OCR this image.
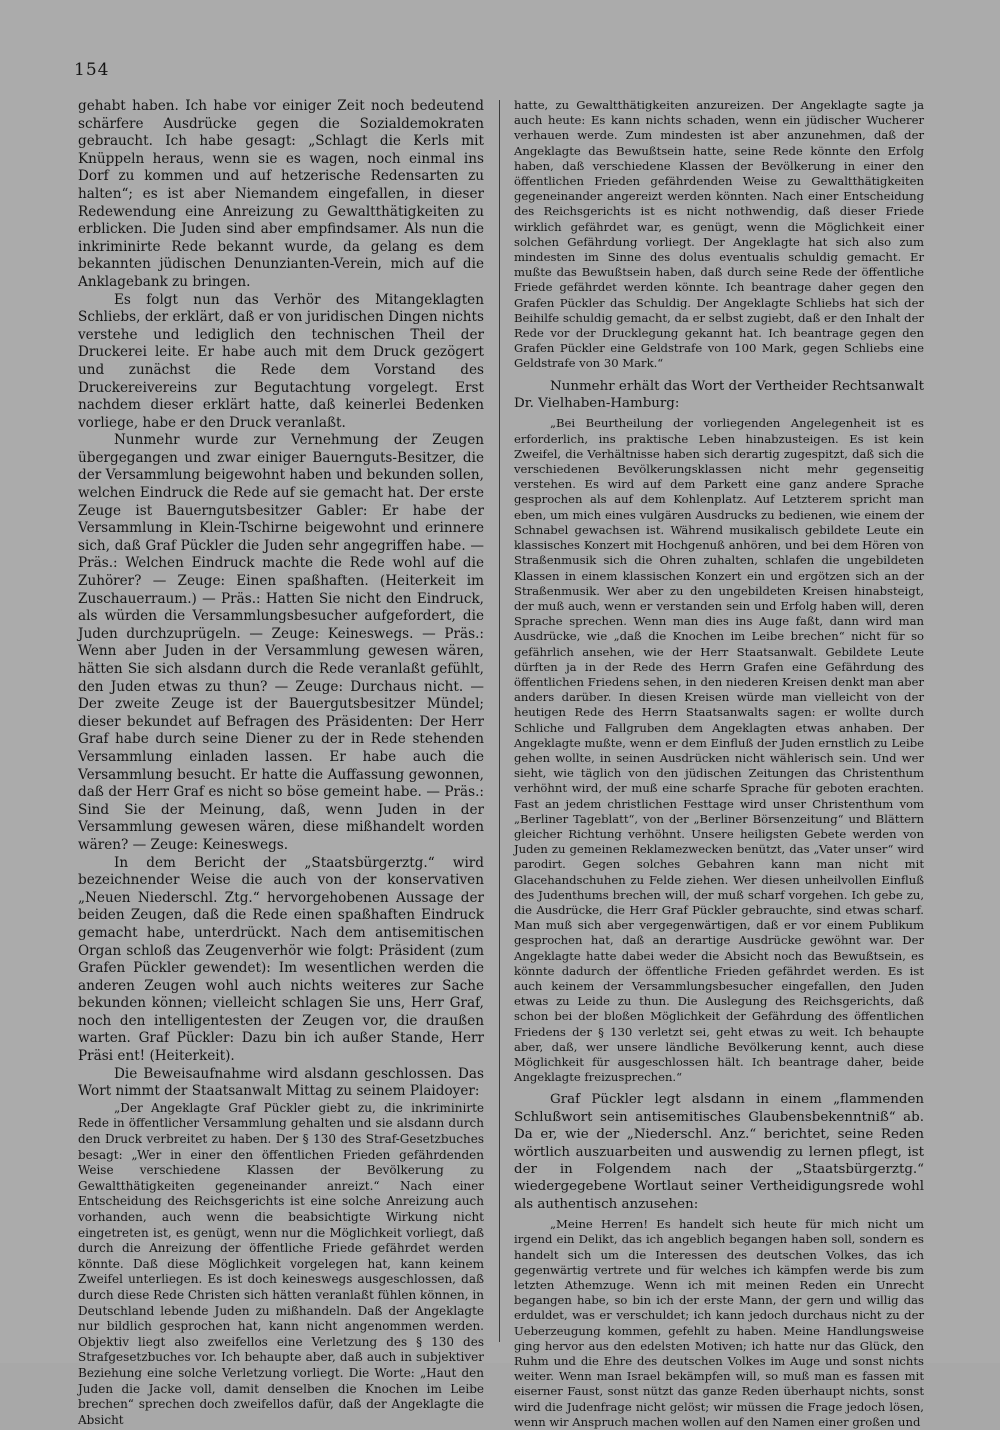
154

gehabt haben. Ich habe vor einiger Zeit noch bedeutend schärfere Ausdrücke gegen die Sozialdemokraten gebraucht. Ich habe gesagt: „Schlagt die Kerls mit Knüppeln heraus, wenn sie es wagen, noch einmal ins Dorf zu kommen und auf hetzerische Redensarten zu halten“; es ist aber Niemandem eingefallen, in dieser Redewendung eine Anreizung zu Gewaltthätigkeiten zu erblicken. Die Juden sind aber empfindsamer. Als nun die inkriminirte Rede bekannt wurde, da gelang es dem bekannten jüdischen Denunzianten-Verein, mich auf die Anklagebank zu bringen.

Es folgt nun das Verhör des Mitangeklagten Schliebs, der erklärt, daß er von juridischen Dingen nichts verstehe und lediglich den technischen Theil der Druckerei leite. Er habe auch mit dem Druck gezögert und zunächst die Rede dem Vorstand des Druckereivereins zur Begutachtung vorgelegt. Erst nachdem dieser erklärt hatte, daß keinerlei Bedenken vorliege, habe er den Druck veranlaßt.

Nunmehr wurde zur Vernehmung der Zeugen übergegangen und zwar einiger Bauernguts-Besitzer, die der Versammlung beigewohnt haben und bekunden sollen, welchen Eindruck die Rede auf sie gemacht hat. Der erste Zeuge ist Bauerngutsbesitzer Gabler: Er habe der Versammlung in Klein-Tschirne beigewohnt und erinnere sich, daß Graf Pückler die Juden sehr angegriffen habe. — Präs.: Welchen Eindruck machte die Rede wohl auf die Zuhörer? — Zeuge: Einen spaßhaften. (Heiterkeit im Zuschauerraum.) — Präs.: Hatten Sie nicht den Eindruck, als würden die Versammlungsbesucher aufgefordert, die Juden durchzuprügeln. — Zeuge: Keineswegs. — Präs.: Wenn aber Juden in der Versammlung gewesen wären, hätten Sie sich alsdann durch die Rede veranlaßt gefühlt, den Juden etwas zu thun? — Zeuge: Durchaus nicht. — Der zweite Zeuge ist der Bauergutsbesitzer Mündel; dieser bekundet auf Befragen des Präsidenten: Der Herr Graf habe durch seine Diener zu der in Rede stehenden Versammlung einladen lassen. Er habe auch die Versammlung besucht. Er hatte die Auffassung gewonnen, daß der Herr Graf es nicht so böse gemeint habe. — Präs.: Sind Sie der Meinung, daß, wenn Juden in der Versammlung gewesen wären, diese mißhandelt worden wären? — Zeuge: Keineswegs.

In dem Bericht der „Staatsbürgerztg.“ wird bezeichnender Weise die auch von der konservativen „Neuen Niederschl. Ztg.“ hervorgehobenen Aussage der beiden Zeugen, daß die Rede einen spaßhaften Eindruck gemacht habe, unterdrückt. Nach dem antisemitischen Organ schloß das Zeugenverhör wie folgt: Präsident (zum Grafen Pückler gewendet): Im wesentlichen werden die anderen Zeugen wohl auch nichts weiteres zur Sache bekunden können; vielleicht schlagen Sie uns, Herr Graf, noch den intelligentesten der Zeugen vor, die draußen warten. Graf Pückler: Dazu bin ich außer Stande, Herr Präsi ent! (Heiterkeit).

Die Beweisaufnahme wird alsdann geschlossen. Das Wort nimmt der Staatsanwalt Mittag zu seinem Plaidoyer:

„Der Angeklagte Graf Pückler giebt zu, die inkriminirte Rede in öffentlicher Versammlung gehalten und sie alsdann durch den Druck verbreitet zu haben. Der § 130 des Straf-Gesetzbuches besagt: „Wer in einer den öffentlichen Frieden gefährdenden Weise verschiedene Klassen der Bevölkerung zu Gewaltthätigkeiten gegeneinander anreizt.“ Nach einer Entscheidung des Reichsgerichts ist eine solche Anreizung auch vorhanden, auch wenn die beabsichtigte Wirkung nicht eingetreten ist, es genügt, wenn nur die Möglichkeit vorliegt, daß durch die Anreizung der öffentliche Friede gefährdet werden könnte. Daß diese Möglichkeit vorgelegen hat, kann keinem Zweifel unterliegen. Es ist doch keineswegs ausgeschlossen, daß durch diese Rede Christen sich hätten veranlaßt fühlen können, in Deutschland lebende Juden zu mißhandeln. Daß der Angeklagte nur bildlich gesprochen hat, kann nicht angenommen werden. Objektiv liegt also zweifellos eine Verletzung des § 130 des Strafgesetzbuches vor. Ich behaupte aber, daß auch in subjektiver Beziehung eine solche Verletzung vorliegt. Die Worte: „Haut den Juden die Jacke voll, damit denselben die Knochen im Leibe brechen“ sprechen doch zweifellos dafür, daß der Angeklagte die Absicht

hatte, zu Gewaltthätigkeiten anzureizen. Der Angeklagte sagte ja auch heute: Es kann nichts schaden, wenn ein jüdischer Wucherer verhauen werde. Zum mindesten ist aber anzunehmen, daß der Angeklagte das Bewußtsein hatte, seine Rede könnte den Erfolg haben, daß verschiedene Klassen der Bevölkerung in einer den öffentlichen Frieden gefährdenden Weise zu Gewaltthätigkeiten gegeneinander angereizt werden könnten. Nach einer Entscheidung des Reichsgerichts ist es nicht nothwendig, daß dieser Friede wirklich gefährdet war, es genügt, wenn die Möglichkeit einer solchen Gefährdung vorliegt. Der Angeklagte hat sich also zum mindesten im Sinne des dolus eventualis schuldig gemacht. Er mußte das Bewußtsein haben, daß durch seine Rede der öffentliche Friede gefährdet werden könnte. Ich beantrage daher gegen den Grafen Pückler das Schuldig. Der Angeklagte Schliebs hat sich der Beihilfe schuldig gemacht, da er selbst zugiebt, daß er den Inhalt der Rede vor der Drucklegung gekannt hat. Ich beantrage gegen den Grafen Pückler eine Geldstrafe von 100 Mark, gegen Schliebs eine Geldstrafe von 30 Mark.“

Nunmehr erhält das Wort der Vertheider Rechtsanwalt Dr. Vielhaben-Hamburg:

„Bei Beurtheilung der vorliegenden Angelegenheit ist es erforderlich, ins praktische Leben hinabzusteigen. Es ist kein Zweifel, die Verhältnisse haben sich derartig zugespitzt, daß sich die verschiedenen Bevölkerungsklassen nicht mehr gegenseitig verstehen. Es wird auf dem Parkett eine ganz andere Sprache gesprochen als auf dem Kohlenplatz. Auf Letzterem spricht man eben, um mich eines vulgären Ausdrucks zu bedienen, wie einem der Schnabel gewachsen ist. Während musikalisch gebildete Leute ein klassisches Konzert mit Hochgenuß anhören, und bei dem Hören von Straßenmusik sich die Ohren zuhalten, schlafen die ungebildeten Klassen in einem klassischen Konzert ein und ergötzen sich an der Straßenmusik. Wer aber zu den ungebildeten Kreisen hinabsteigt, der muß auch, wenn er verstanden sein und Erfolg haben will, deren Sprache sprechen. Wenn man dies ins Auge faßt, dann wird man Ausdrücke, wie „daß die Knochen im Leibe brechen“ nicht für so gefährlich ansehen, wie der Herr Staatsanwalt. Gebildete Leute dürften ja in der Rede des Herrn Grafen eine Gefährdung des öffentlichen Friedens sehen, in den niederen Kreisen denkt man aber anders darüber. In diesen Kreisen würde man vielleicht von der heutigen Rede des Herrn Staatsanwalts sagen: er wollte durch Schliche und Fallgruben dem Angeklagten etwas anhaben. Der Angeklagte mußte, wenn er dem Einfluß der Juden ernstlich zu Leibe gehen wollte, in seinen Ausdrücken nicht wählerisch sein. Und wer sieht, wie täglich von den jüdischen Zeitungen das Christenthum verhöhnt wird, der muß eine scharfe Sprache für geboten erachten. Fast an jedem christlichen Festtage wird unser Christenthum vom „Berliner Tageblatt“, von der „Berliner Börsenzeitung“ und Blättern gleicher Richtung verhöhnt. Unsere heiligsten Gebete werden von Juden zu gemeinen Reklamezwecken benützt, das „Vater unser“ wird parodirt. Gegen solches Gebahren kann man nicht mit Glacehandschuhen zu Felde ziehen. Wer diesen unheilvollen Einfluß des Judenthums brechen will, der muß scharf vorgehen. Ich gebe zu, die Ausdrücke, die Herr Graf Pückler gebrauchte, sind etwas scharf. Man muß sich aber vergegenwärtigen, daß er vor einem Publikum gesprochen hat, daß an derartige Ausdrücke gewöhnt war. Der Angeklagte hatte dabei weder die Absicht noch das Bewußtsein, es könnte dadurch der öffentliche Frieden gefährdet werden. Es ist auch keinem der Versammlungsbesucher eingefallen, den Juden etwas zu Leide zu thun. Die Auslegung des Reichsgerichts, daß schon bei der bloßen Möglichkeit der Gefährdung des öffentlichen Friedens der § 130 verletzt sei, geht etwas zu weit. Ich behaupte aber, daß, wer unsere ländliche Bevölkerung kennt, auch diese Möglichkeit für ausgeschlossen hält. Ich beantrage daher, beide Angeklagte freizusprechen.“

Graf Pückler legt alsdann in einem „flammenden Schlußwort sein antisemitisches Glaubensbekenntniß“ ab. Da er, wie der „Niederschl. Anz.“ berichtet, seine Reden wörtlich auszuarbeiten und auswendig zu lernen pflegt, ist der in Folgendem nach der „Staatsbürgerztg.“ wiedergegebene Wortlaut seiner Vertheidigungsrede wohl als authentisch anzusehen:

„Meine Herren! Es handelt sich heute für mich nicht um irgend ein Delikt, das ich angeblich begangen haben soll, sondern es handelt sich um die Interessen des deutschen Volkes, das ich gegenwärtig vertrete und für welches ich kämpfen werde bis zum letzten Athemzuge. Wenn ich mit meinen Reden ein Unrecht begangen habe, so bin ich der erste Mann, der gern und willig das erduldet, was er verschuldet; ich kann jedoch durchaus nicht zu der Ueberzeugung kommen, gefehlt zu haben. Meine Handlungsweise ging hervor aus den edelsten Motiven; ich hatte nur das Glück, den Ruhm und die Ehre des deutschen Volkes im Auge und sonst nichts weiter. Wenn man Israel bekämpfen will, so muß man es fassen mit eiserner Faust, sonst nützt das ganze Reden überhaupt nichts, sonst wird die Judenfrage nicht gelöst; wir müssen die Frage jedoch lösen, wenn wir Anspruch machen wollen auf den Namen einer großen und
